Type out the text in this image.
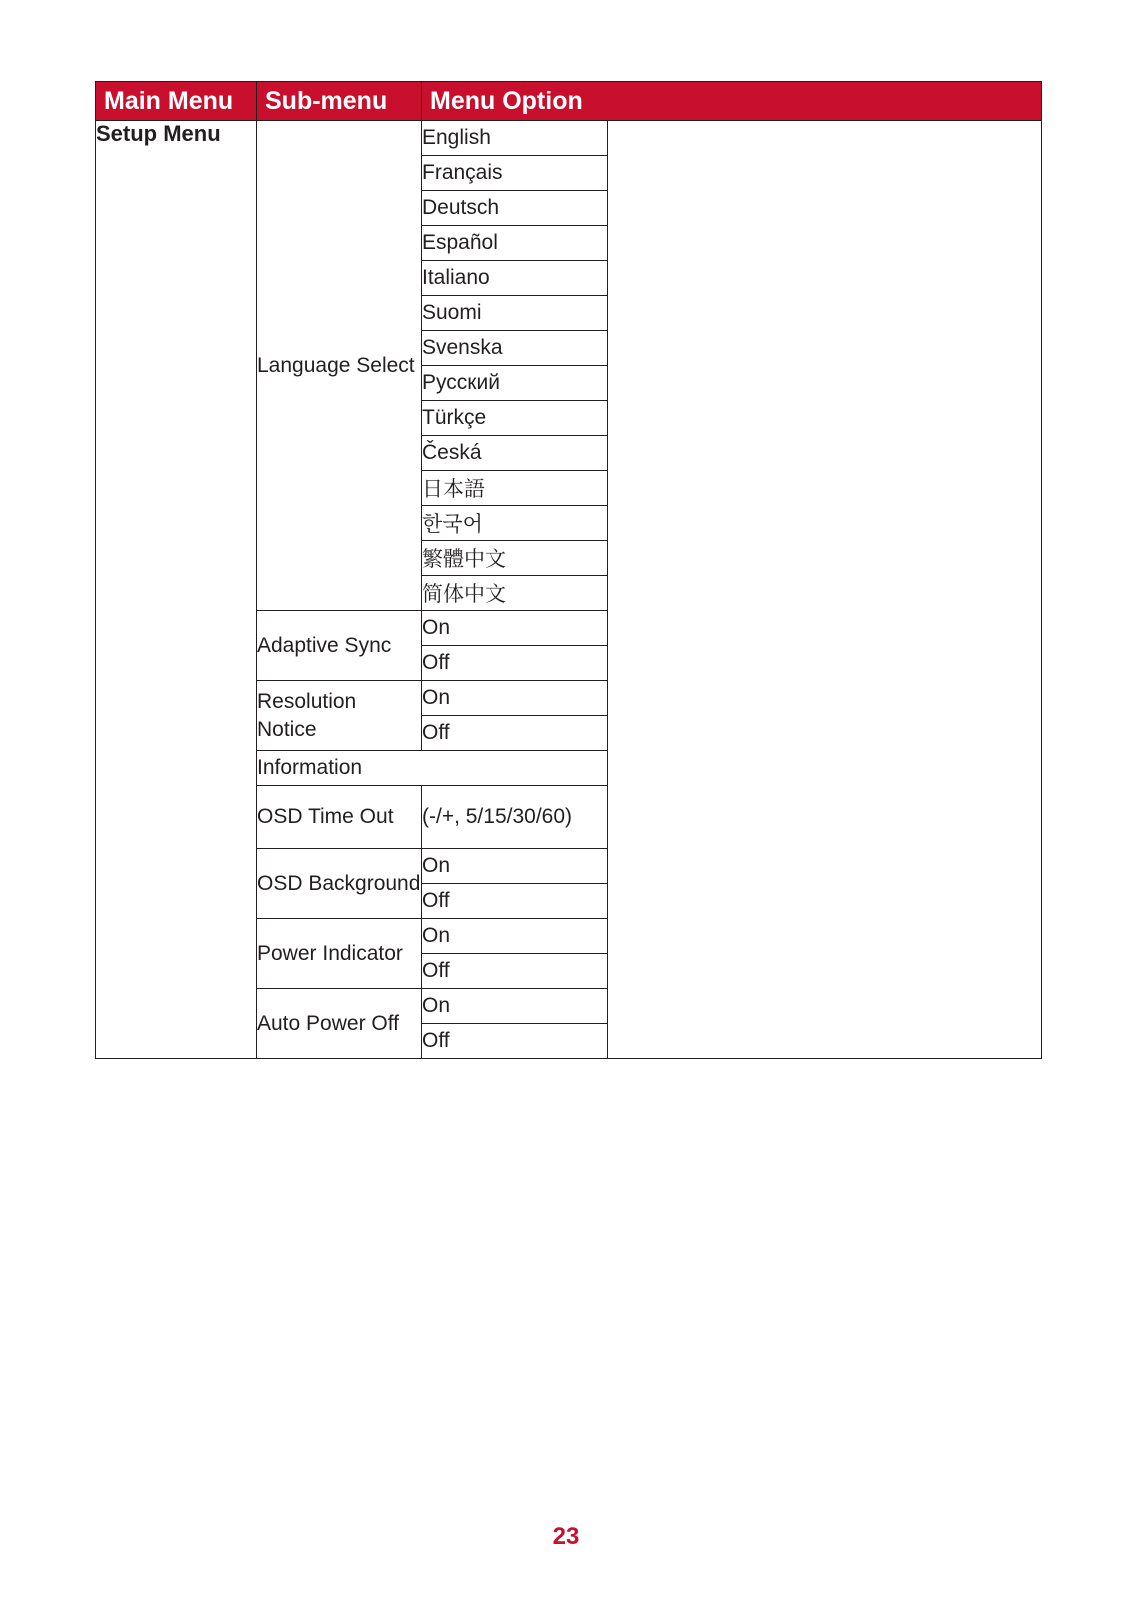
Main Menu	Sub-menu	Menu Option	
Setup Menu	Language Select	English	
		Français	
		Deutsch	
		Español	
		Italiano	
		Suomi	
		Svenska	
		Русский	
		Türkçe	
		Česká	
		日本語	
		한국어	
		繁體中文	
		简体中文	
	Adaptive Sync	On	
		Off	
	Resolution Notice	On	
		Off	
	Information		
	OSD Time Out	(-/+, 5/15/30/60)	
	OSD Background	On	
		Off	
	Power Indicator	On	
		Off	
	Auto Power Off	On	
		Off	
23
